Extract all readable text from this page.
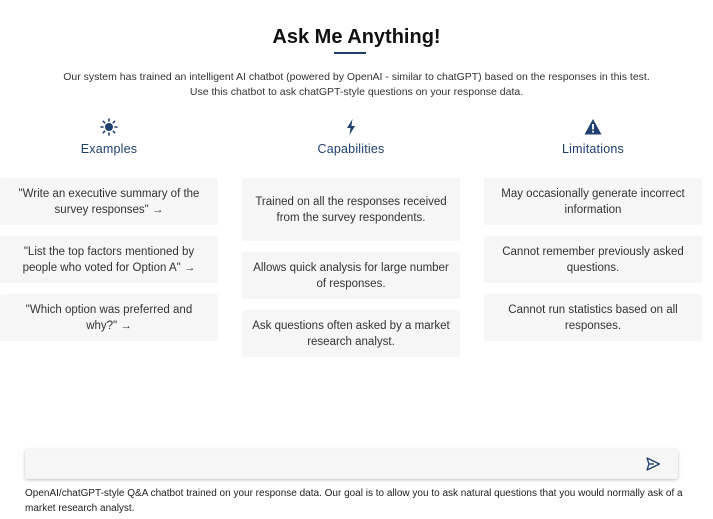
Ask Me Anything!

Our system has trained an intelligent AI chatbot (powered by OpenAI - similar to chatGPT) based on the responses in this test.

Use this chatbot to ask chatGPT-style questions on your response data.

Examples
"Write an executive summary of the survey responses" →
"List the top factors mentioned by people who voted for Option A" →
"Which option was preferred and why?" →
Capabilities
Trained on all the responses received from the survey respondents.
Allows quick analysis for large number of responses.
Ask questions often asked by a market research analyst.
Limitations
May occasionally generate incorrect information
Cannot remember previously asked questions.
Cannot run statistics based on all responses.
OpenAI/chatGPT-style Q&A chatbot trained on your response data. Our goal is to allow you to ask natural questions that you would normally ask of a market research analyst.
